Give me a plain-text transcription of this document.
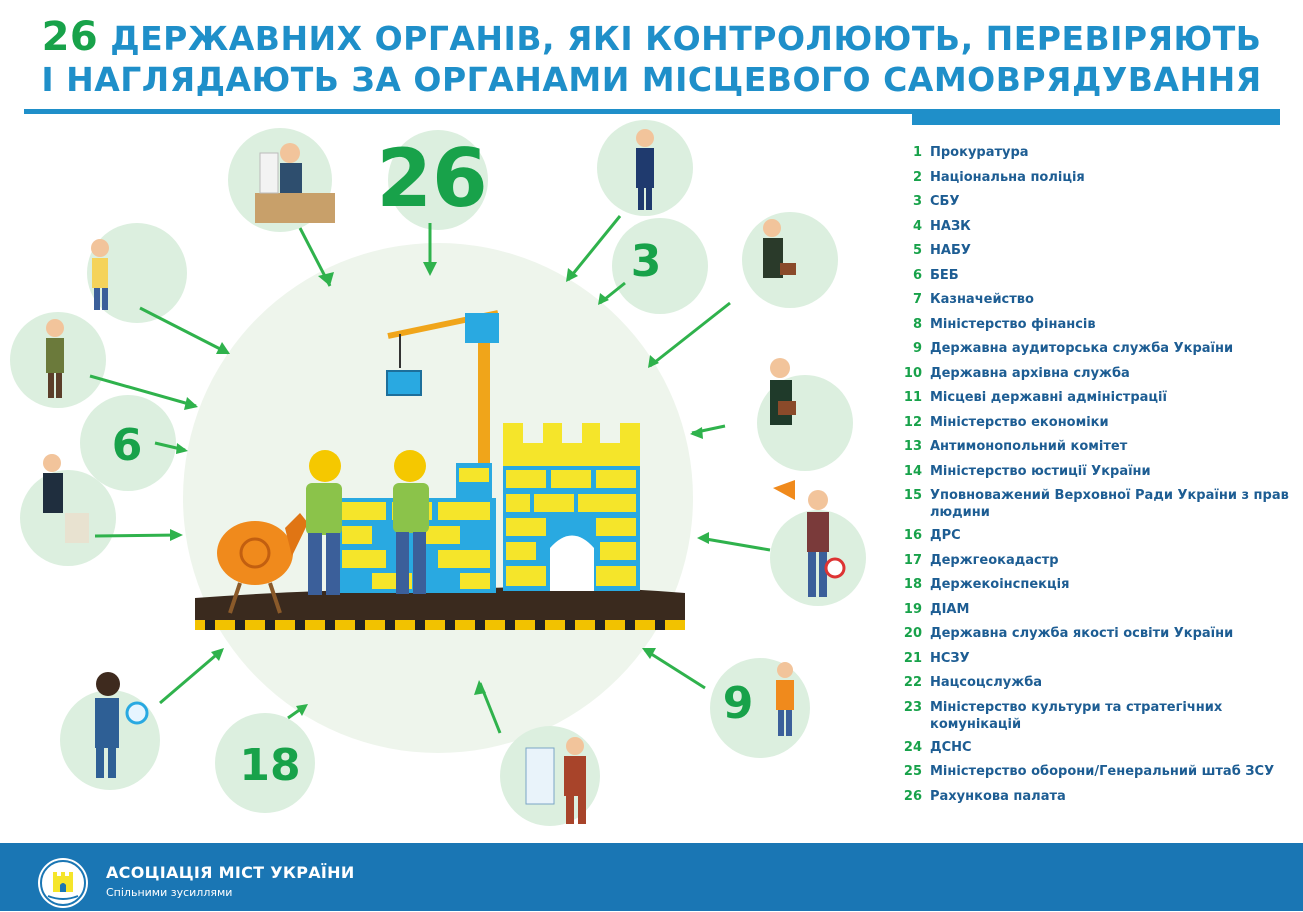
26 ДЕРЖАВНИХ ОРГАНІВ, ЯКІ КОНТРОЛЮЮТЬ, ПЕРЕВІРЯЮТЬ
І НАГЛЯДАЮТЬ ЗА ОРГАНАМИ МІСЦЕВОГО САМОВРЯДУВАННЯ
26
3
6
9
18
1 Прокуратура
2 Національна поліція
3 СБУ
4 НАЗК
5 НАБУ
6 БЕБ
7 Казначейство
8 Міністерство фінансів
9 Державна аудиторська служба України
10 Державна архівна служба
11 Місцеві державні адміністрації
12 Міністерство економіки
13 Антимонопольний комітет
14 Міністерство юстиції України
15 Уповноважений Верховної Ради України з прав людини
16 ДРС
17 Держгеокадастр
18 Держекоінспекція
19 ДІАМ
20 Державна служба якості освіти України
21 НСЗУ
22 Нацсоцслужба
23 Міністерство культури та стратегічних комунікацій
24 ДСНС
25 Міністерство оборони/Генеральний штаб ЗСУ
26 Рахункова палата
АСОЦІАЦІЯ МІСТ УКРАЇНИ
Спільними зусиллями
